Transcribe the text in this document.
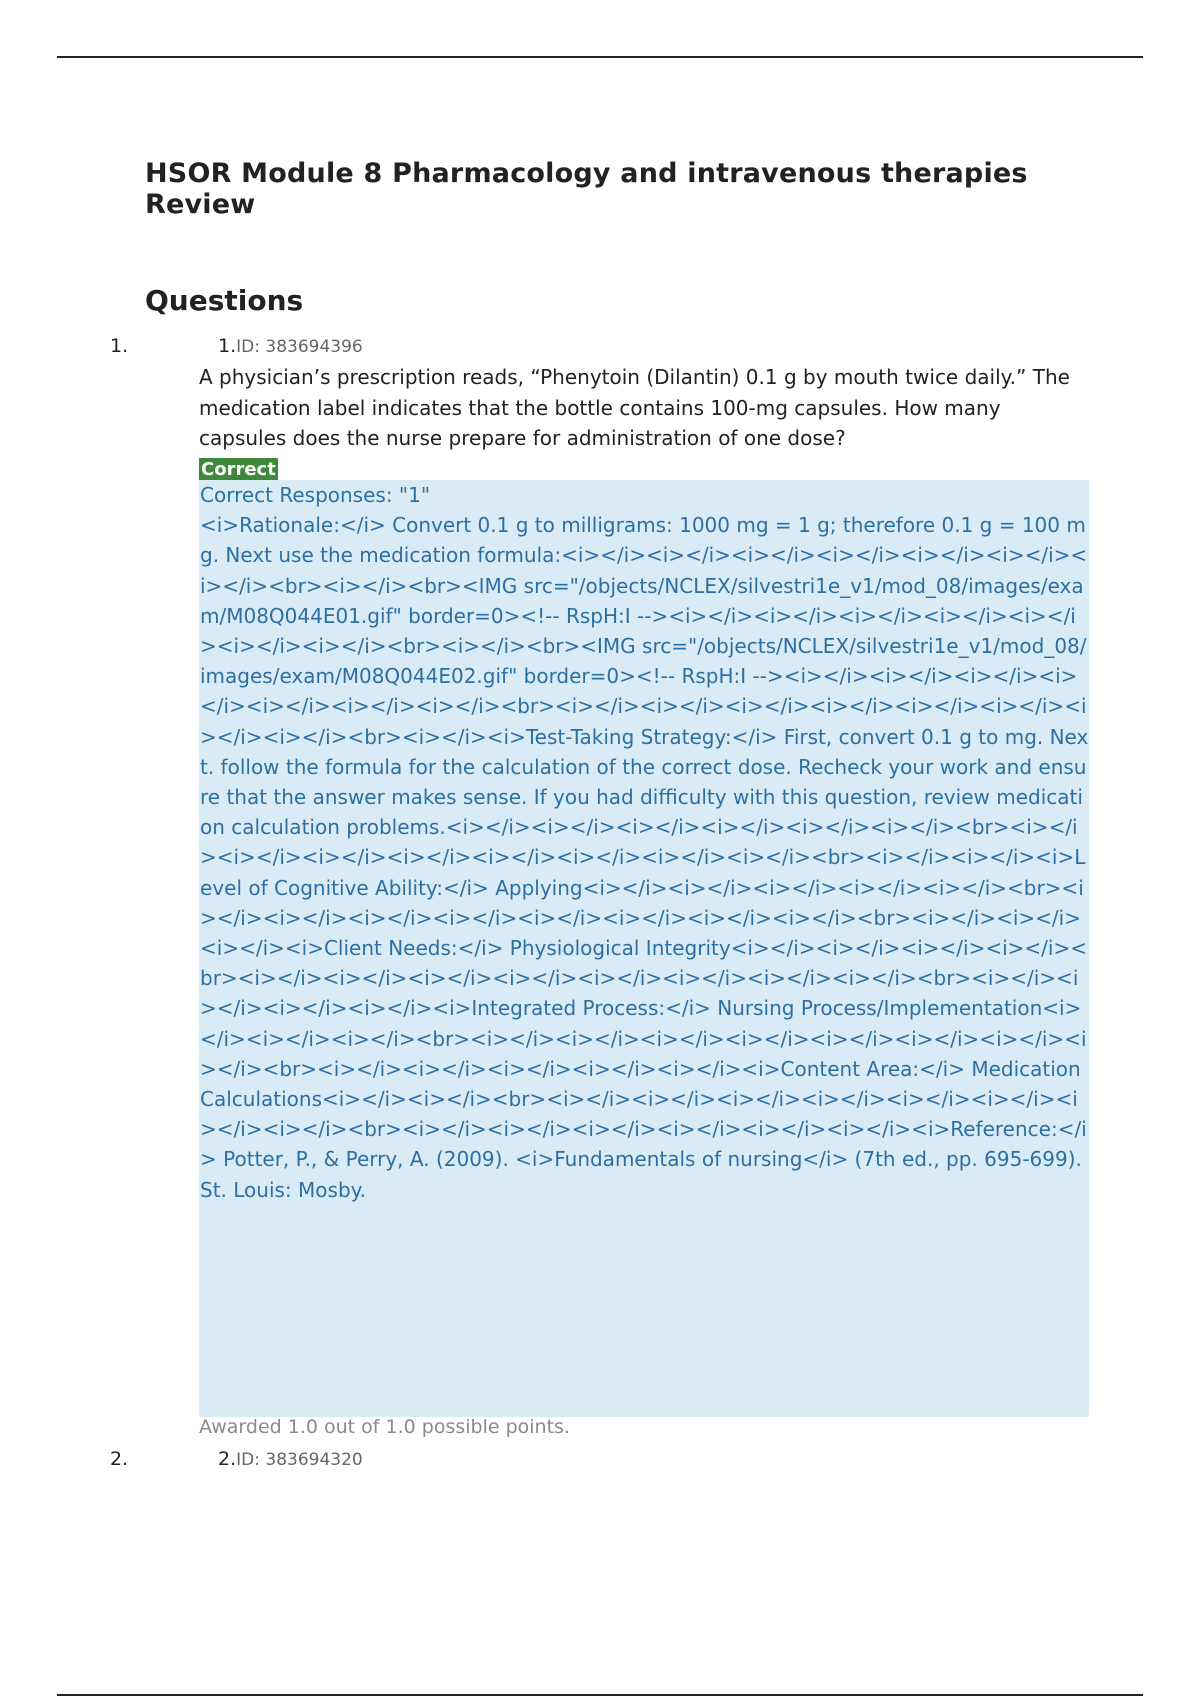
HSOR Module 8 Pharmacology and intravenous therapies Review
Questions
1.	1.ID: 383694396
A physician’s prescription reads, “Phenytoin (Dilantin) 0.1 g by mouth twice daily.” The medication label indicates that the bottle contains 100-mg capsules. How many capsules does the nurse prepare for administration of one dose?
Correct

Correct Responses: "1"

<i>Rationale:</i> Convert 0.1 g to milligrams: 1000 mg = 1 g; therefore 0.1 g = 100 mg. Next use the medication formula:<i></i><i></i><i></i><i></i><i></i><i></i><i></i><br><i></i><br><IMG src="/objects/NCLEX/silvestri1e_v1/mod_08/images/exam/M08Q044E01.gif" border=0><!-- RspH:I --><i></i><i></i><i></i><i></i><i></i><i></i><i></i><br><i></i><br><IMG src="/objects/NCLEX/silvestri1e_v1/mod_08/images/exam/M08Q044E02.gif" border=0><!-- RspH:I --><i></i><i></i><i></i><i></i><i></i><i></i><i></i><br><i></i><i></i><i></i><i></i><i></i><i></i><i></i><i></i><br><i></i><i>Test-Taking Strategy:</i> First, convert 0.1 g to mg. Next. follow the formula for the calculation of the correct dose. Recheck your work and ensure that the answer makes sense. If you had difficulty with this question, review medication calculation problems.<i></i><i></i><i></i><i></i><i></i><i></i><br><i></i><i></i><i></i><i></i><i></i><i></i><i></i><i></i><br><i></i><i></i><i>Level of Cognitive Ability:</i> Applying<i></i><i></i><i></i><i></i><i></i><br><i></i><i></i><i></i><i></i><i></i><i></i><i></i><i></i><br><i></i><i></i><i></i><i>Client Needs:</i> Physiological Integrity<i></i><i></i><i></i><i></i><br><i></i><i></i><i></i><i></i><i></i><i></i><i></i><i></i><br><i></i><i></i><i></i><i></i><i>Integrated Process:</i> Nursing Process/Implementation<i></i><i></i><i></i><br><i></i><i></i><i></i><i></i><i></i><i></i><i></i><i></i><br><i></i><i></i><i></i><i></i><i></i><i>Content Area:</i> Medication Calculations<i></i><i></i><br><i></i><i></i><i></i><i></i><i></i><i></i><i></i><i></i><br><i></i><i></i><i></i><i></i><i></i><i></i><i>Reference:</i> Potter, P., & Perry, A. (2009). <i>Fundamentals of nursing</i> (7th ed., pp. 695-699). St. Louis: Mosby.

Awarded 1.0 out of 1.0 possible points.
2.	2.ID: 383694320
